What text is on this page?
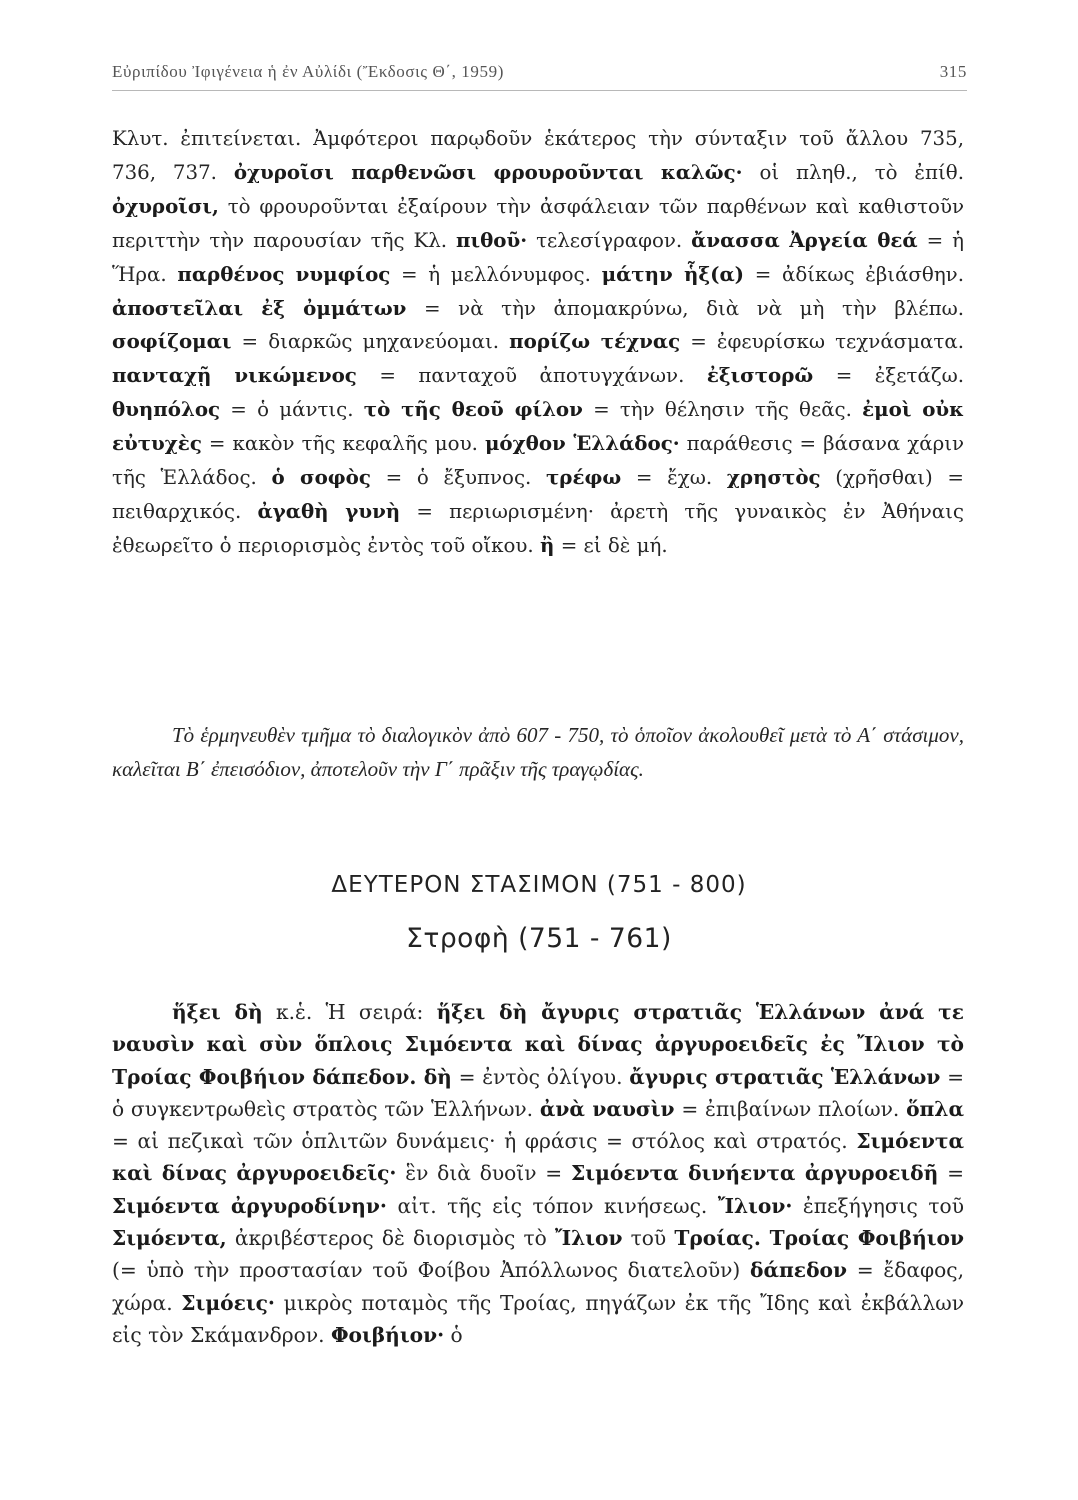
Εὐριπίδου Ἰφιγένεια ἡ ἐν Αὐλίδι (Ἔκδοσις Θ΄, 1959)	315

Κλυτ. ἐπιτείνεται. Ἀμφότεροι παρῳδοῦν ἑκάτερος τὴν σύνταξιν τοῦ ἄλλου 735, 736, 737. ὀχυροῖσι παρθενῶσι φρουροῦνται καλῶς· οἱ πληθ., τὸ ἐπίθ. ὀχυροῖσι, τὸ φρουροῦνται ἐξαίρουν τὴν ἀσφάλειαν τῶν παρθένων καὶ καθιστοῦν περιττὴν τὴν παρουσίαν τῆς Κλ. πιθοῦ· τελεσίγραφον. ἄνασσα Ἀργεία θεά = ἡ Ἥρα. παρθένος νυμφίος = ἡ μελλόνυμφος. μάτην ἧξ(α) = ἀδίκως ἐβιάσθην. ἀποστεῖλαι ἐξ ὀμμάτων = νὰ τὴν ἀπομακρύνω, διὰ νὰ μὴ τὴν βλέπω. σοφίζομαι = διαρκῶς μηχανεύομαι. πορίζω τέχνας = ἐφευρίσκω τεχνάσματα. πανταχῇ νικώμενος = πανταχοῦ ἀποτυγχάνων. ἐξιστορῶ = ἐξετάζω. θυηπόλος = ὁ μάντις. τὸ τῆς θεοῦ φίλον = τὴν θέλησιν τῆς θεᾶς. ἐμοὶ οὐκ εὐτυχὲς = κακὸν τῆς κεφαλῆς μου. μόχθον Ἑλλάδος· παράθεσις = βάσανα χάριν τῆς Ἑλλάδος. ὁ σοφὸς = ὁ ἔξυπνος. τρέφω = ἔχω. χρηστὸς (χρῆσθαι) = πειθαρχικός. ἀγαθὴ γυνὴ = περιωρισμένη· ἀρετὴ τῆς γυναικὸς ἐν Ἀθήναις ἐθεωρεῖτο ὁ περιορισμὸς ἐντὸς τοῦ οἴκου. ἢ = εἰ δὲ μή.

Τὸ ἑρμηνευθὲν τμῆμα τὸ διαλογικὸν ἀπὸ 607 - 750, τὸ ὁποῖον ἀκολουθεῖ μετὰ τὸ Α΄ στάσιμον, καλεῖται Β΄ ἐπεισόδιον, ἀποτελοῦν τὴν Γ΄ πρᾶξιν τῆς τραγῳδίας.

ΔΕΥΤΕΡΟΝ ΣΤΑΣΙΜΟΝ (751 - 800)
Στροφὴ (751 - 761)

ἥξει δὴ κ.ἑ. Ἡ σειρά: ἥξει δὴ ἄγυρις στρατιᾶς Ἑλλάνων ἀνά τε ναυσὶν καὶ σὺν ὅπλοις Σιμόεντα καὶ δίνας ἀργυροειδεῖς ἐς Ἴλιον τὸ Τροίας Φοιβήιον δάπεδον. δὴ = ἐντὸς ὀλίγου. ἄγυρις στρατιᾶς Ἑλλάνων = ὁ συγκεντρωθεὶς στρατὸς τῶν Ἑλλήνων. ἀνὰ ναυσὶν = ἐπιβαίνων πλοίων. ὅπλα = αἱ πεζικαὶ τῶν ὁπλιτῶν δυνάμεις· ἡ φράσις = στόλος καὶ στρατός. Σιμόεντα καὶ δίνας ἀργυροειδεῖς· ἓν διὰ δυοῖν = Σιμόεντα δινήεντα ἀργυροειδῆ = Σιμόεντα ἀργυροδίνην· αἰτ. τῆς εἰς τόπον κινήσεως. Ἴλιον· ἐπεξήγησις τοῦ Σιμόεντα, ἀκριβέστερος δὲ διορισμὸς τὸ Ἴλιον τοῦ Τροίας. Τροίας Φοιβήιον (= ὑπὸ τὴν προστασίαν τοῦ Φοίβου Ἀπόλλωνος διατελοῦν) δάπεδον = ἔδαφος, χώρα. Σιμόεις· μικρὸς ποταμὸς τῆς Τροίας, πηγάζων ἐκ τῆς Ἴδης καὶ ἐκβάλλων εἰς τὸν Σκάμανδρον. Φοιβήιον· ὁ
